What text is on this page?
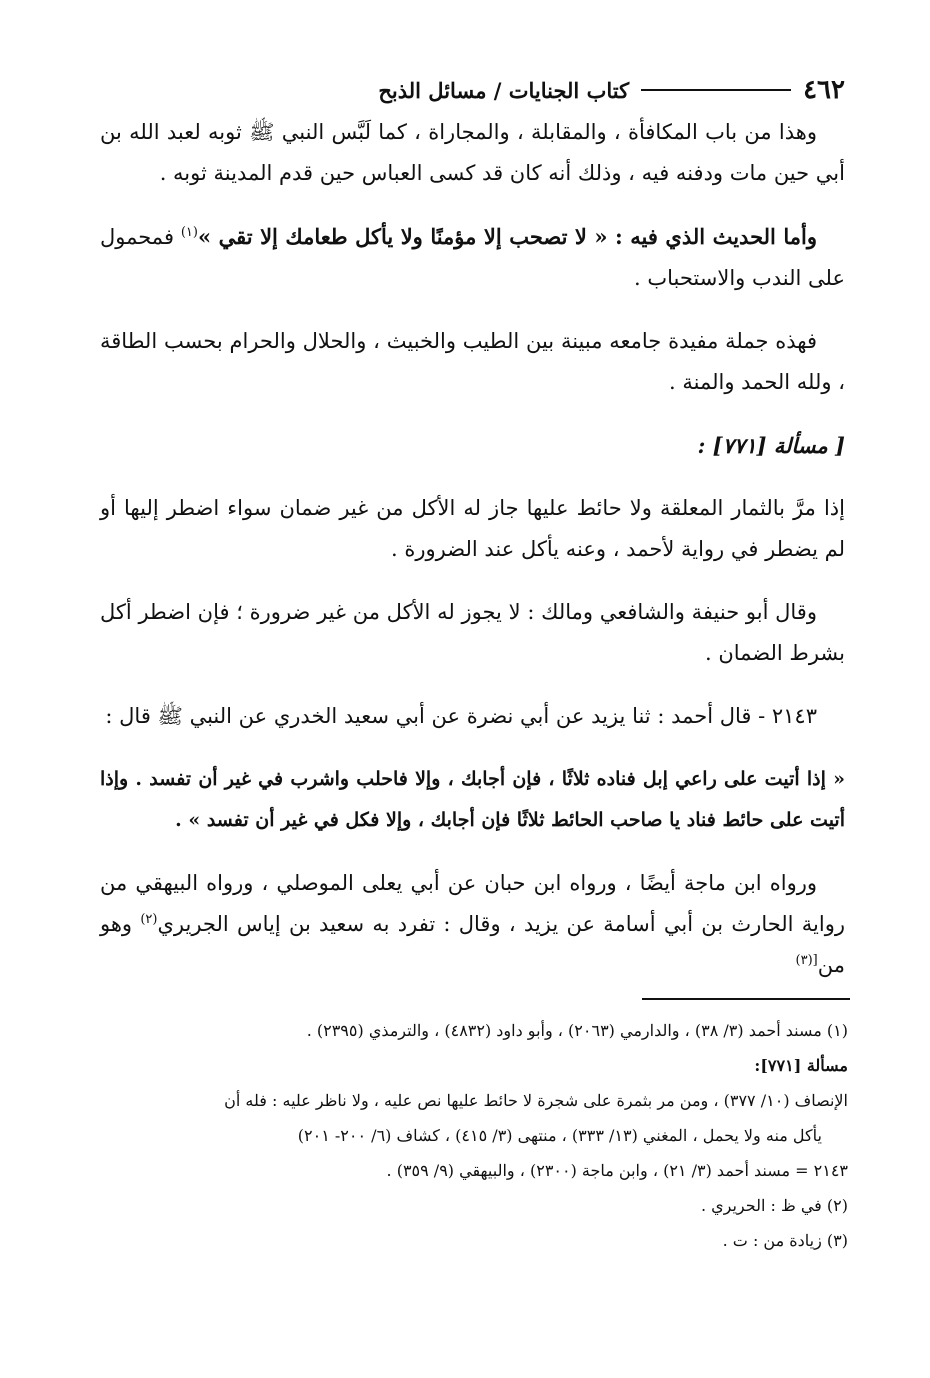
٤٦٢
كتاب الجنايات / مسائل الذبح

وهذا من باب المكافأة ، والمقابلة ، والمجاراة ، كما لَبَّس النبي ﷺ ثوبه لعبد الله بن أبي حين مات ودفنه فيه ، وذلك أنه كان قد كسى العباس حين قدم المدينة ثوبه .

وأما الحديث الذي فيه : « لا تصحب إلا مؤمنًا ولا يأكل طعامك إلا تقي »$^{(١)}$ فمحمول على الندب والاستحباب .

فهذه جملة مفيدة جامعه مبينة بين الطيب والخبيث ، والحلال والحرام بحسب الطاقة ، ولله الحمد والمنة .

[ مسألة [٧٧١] :

إذا مرَّ بالثمار المعلقة ولا حائط عليها جاز له الأكل من غير ضمان سواء اضطر إليها أو لم يضطر في رواية لأحمد ، وعنه يأكل عند الضرورة .

وقال أبو حنيفة والشافعي ومالك : لا يجوز له الأكل من غير ضرورة ؛ فإن اضطر أكل بشرط الضمان .

٢١٤٣ - قال أحمد : ثنا يزيد عن أبي نضرة عن أبي سعيد الخدري عن النبي ﷺ قال :

« إذا أتيت على راعي إبل فناده ثلاثًا ، فإن أجابك ، وإلا فاحلب واشرب في غير أن تفسد . وإذا أتيت على حائط فناد يا صاحب الحائط ثلاثًا فإن أجابك ، وإلا فكل في غير أن تفسد » .

ورواه ابن ماجة أيضًا ، ورواه ابن حبان عن أبي يعلى الموصلي ، ورواه البيهقي من رواية الحارث بن أبي أسامة عن يزيد ، وقال : تفرد به سعيد بن إياس الجريري$^{(٢)}$ وهو من$^{[(٣)}$

(١) مسند أحمد (٣/ ٣٨) ، والدارمي (٢٠٦٣) ، وأبو داود (٤٨٣٢) ، والترمذي (٢٣٩٥) .
مسألة [٧٧١]:
الإنصاف (١٠/ ٣٧٧) ، ومن مر بثمرة على شجرة لا حائط عليها نص عليه ، ولا ناظر عليه : فله أن
يأكل منه ولا يحمل ، المغني (١٣/ ٣٣٣) ، منتهى (٣/ ٤١٥) ، كشاف (٦/ ٢٠٠- ٢٠١)
٢١٤٣ = مسند أحمد (٣/ ٢١) ، وابن ماجة (٢٣٠٠) ، والبيهقي (٩/ ٣٥٩) .
(٢) في ظ : الحريري .
(٣) زيادة من : ت .
